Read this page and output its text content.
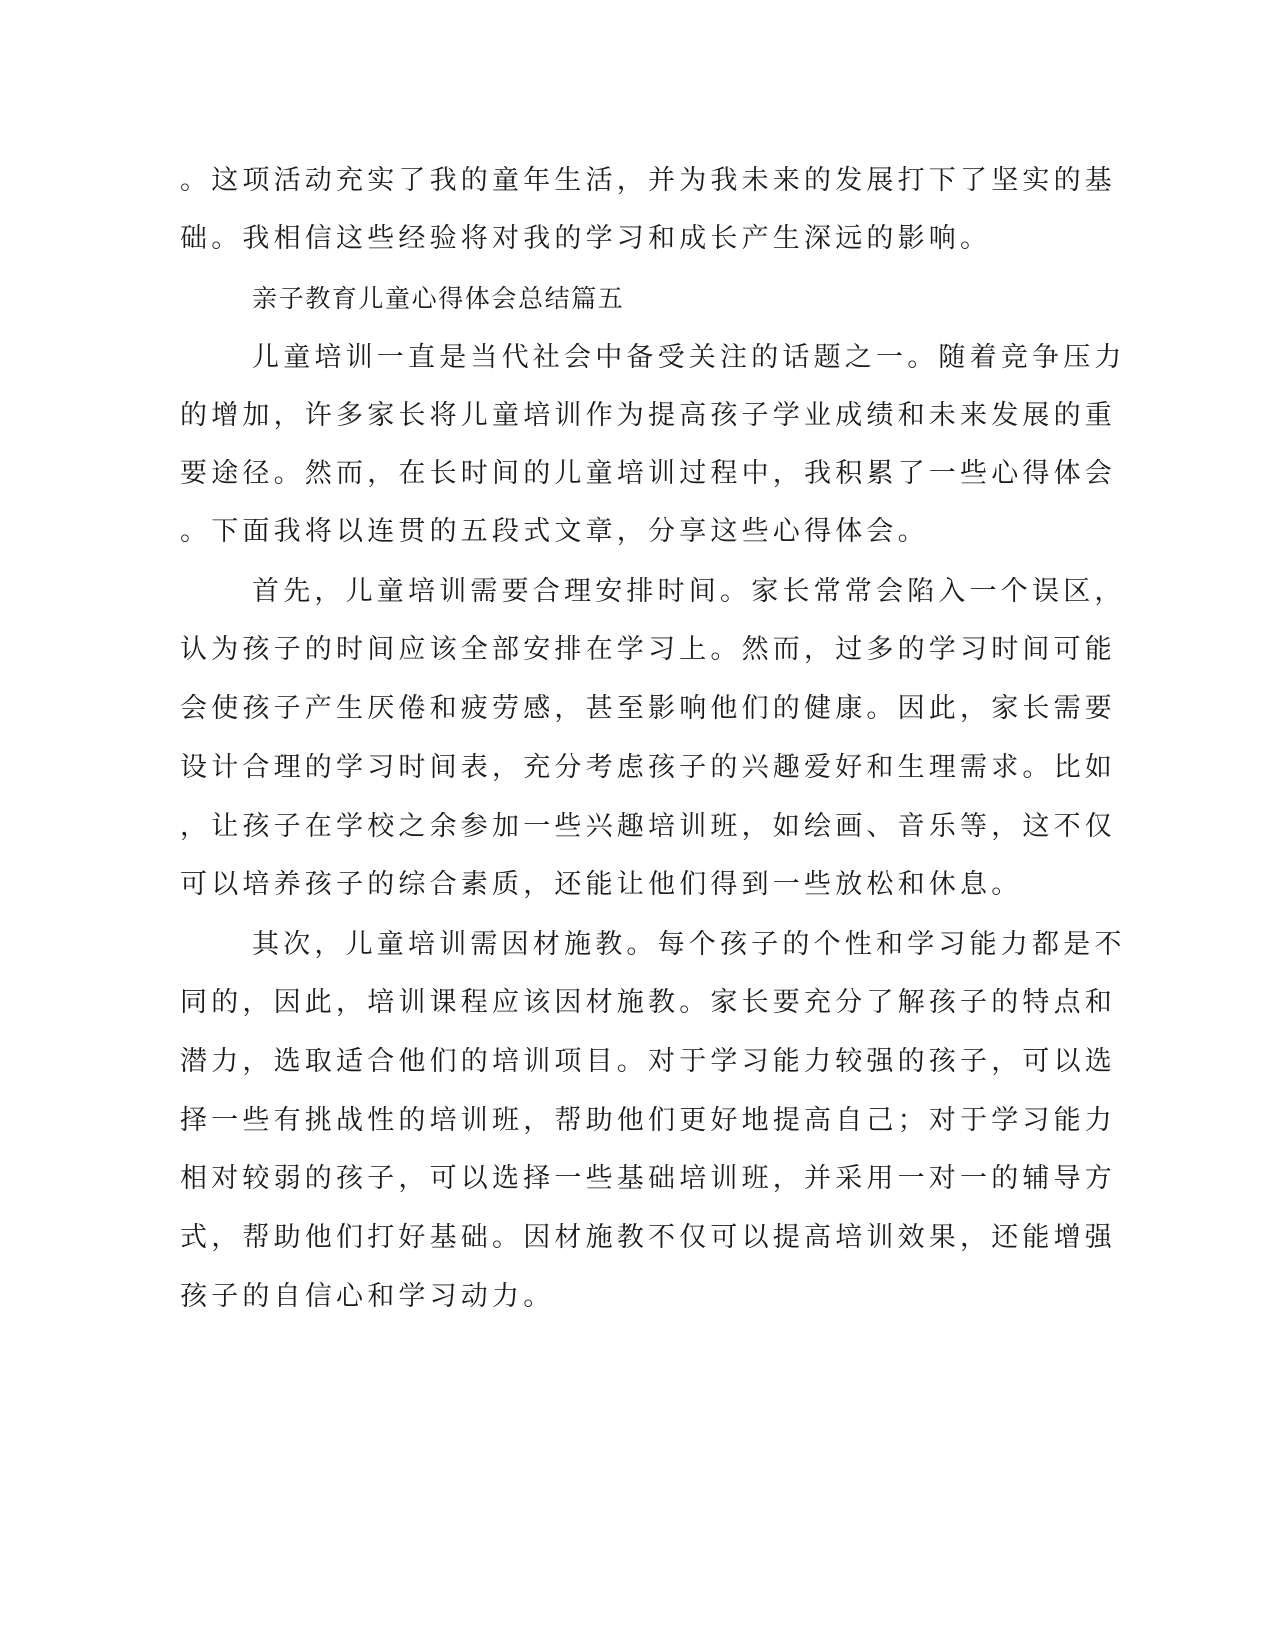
。这项活动充实了我的童年生活，并为我未来的发展打下了坚实的基
础。我相信这些经验将对我的学习和成长产生深远的影响。
亲子教育儿童心得体会总结篇五
儿童培训一直是当代社会中备受关注的话题之一。随着竞争压力
的增加，许多家长将儿童培训作为提高孩子学业成绩和未来发展的重
要途径。然而，在长时间的儿童培训过程中，我积累了一些心得体会
。下面我将以连贯的五段式文章，分享这些心得体会。
首先，儿童培训需要合理安排时间。家长常常会陷入一个误区，
认为孩子的时间应该全部安排在学习上。然而，过多的学习时间可能
会使孩子产生厌倦和疲劳感，甚至影响他们的健康。因此，家长需要
设计合理的学习时间表，充分考虑孩子的兴趣爱好和生理需求。比如
，让孩子在学校之余参加一些兴趣培训班，如绘画、音乐等，这不仅
可以培养孩子的综合素质，还能让他们得到一些放松和休息。
其次，儿童培训需因材施教。每个孩子的个性和学习能力都是不
同的，因此，培训课程应该因材施教。家长要充分了解孩子的特点和
潜力，选取适合他们的培训项目。对于学习能力较强的孩子，可以选
择一些有挑战性的培训班，帮助他们更好地提高自己；对于学习能力
相对较弱的孩子，可以选择一些基础培训班，并采用一对一的辅导方
式，帮助他们打好基础。因材施教不仅可以提高培训效果，还能增强
孩子的自信心和学习动力。
